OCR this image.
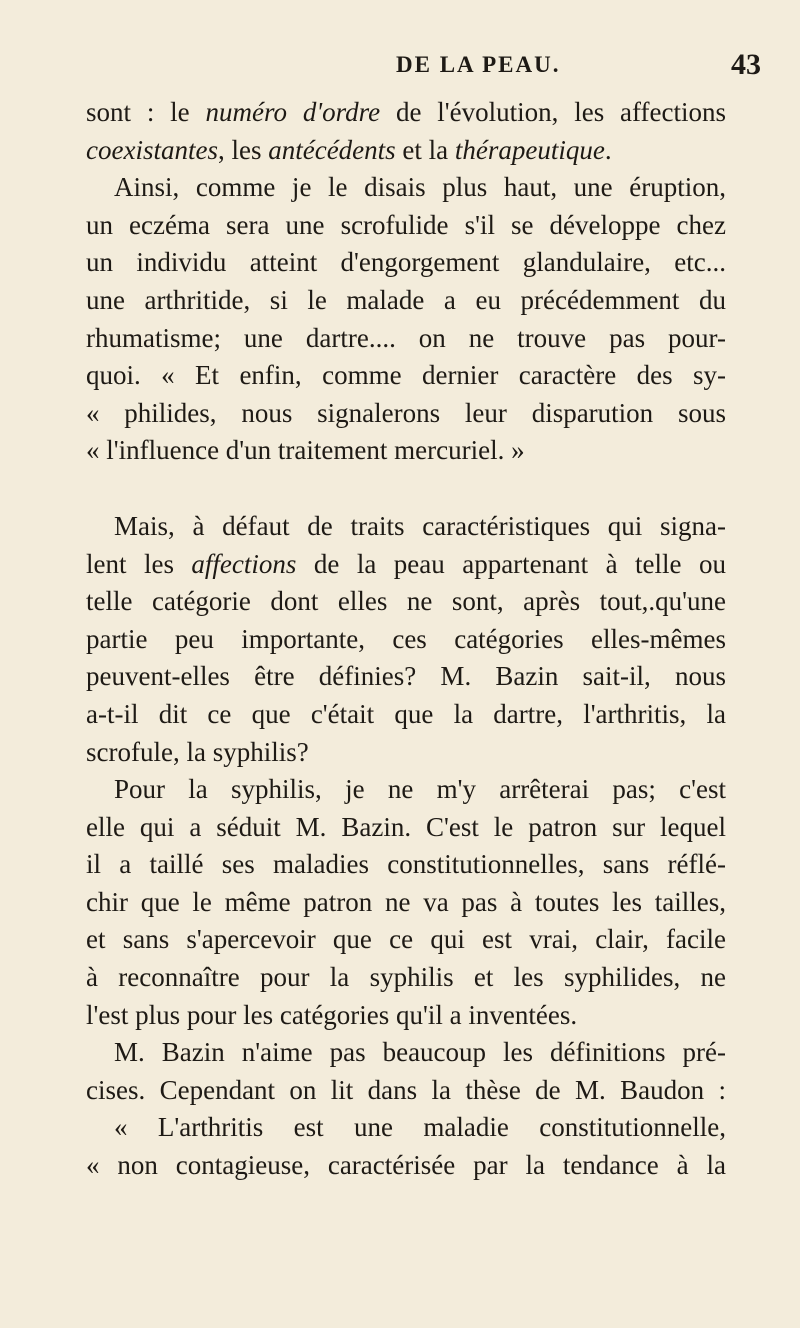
DE LA PEAU.	43
sont : le numéro d'ordre de l'évolution, les affections
coexistantes, les antécédents et la thérapeutique.
Ainsi, comme je le disais plus haut, une éruption,
un eczéma sera une scrofulide s'il se développe chez
un individu atteint d'engorgement glandulaire, etc...
une arthritide, si le malade a eu précédemment du
rhumatisme; une dartre.... on ne trouve pas pour-
quoi. « Et enfin, comme dernier caractère des sy-
« philides, nous signalerons leur disparution sous
« l'influence d'un traitement mercuriel. »
Mais, à défaut de traits caractéristiques qui signa-
lent les affections de la peau appartenant à telle ou
telle catégorie dont elles ne sont, après tout,.qu'une
partie peu importante, ces catégories elles-mêmes
peuvent-elles être définies? M. Bazin sait-il, nous
a-t-il dit ce que c'était que la dartre, l'arthritis, la
scrofule, la syphilis?
Pour la syphilis, je ne m'y arrêterai pas; c'est
elle qui a séduit M. Bazin. C'est le patron sur lequel
il a taillé ses maladies constitutionnelles, sans réflé-
chir que le même patron ne va pas à toutes les tailles,
et sans s'apercevoir que ce qui est vrai, clair, facile
à reconnaître pour la syphilis et les syphilides, ne
l'est plus pour les catégories qu'il a inventées.
M. Bazin n'aime pas beaucoup les définitions pré-
cises. Cependant on lit dans la thèse de M. Baudon :
« L'arthritis est une maladie constitutionnelle,
« non contagieuse, caractérisée par la tendance à la
